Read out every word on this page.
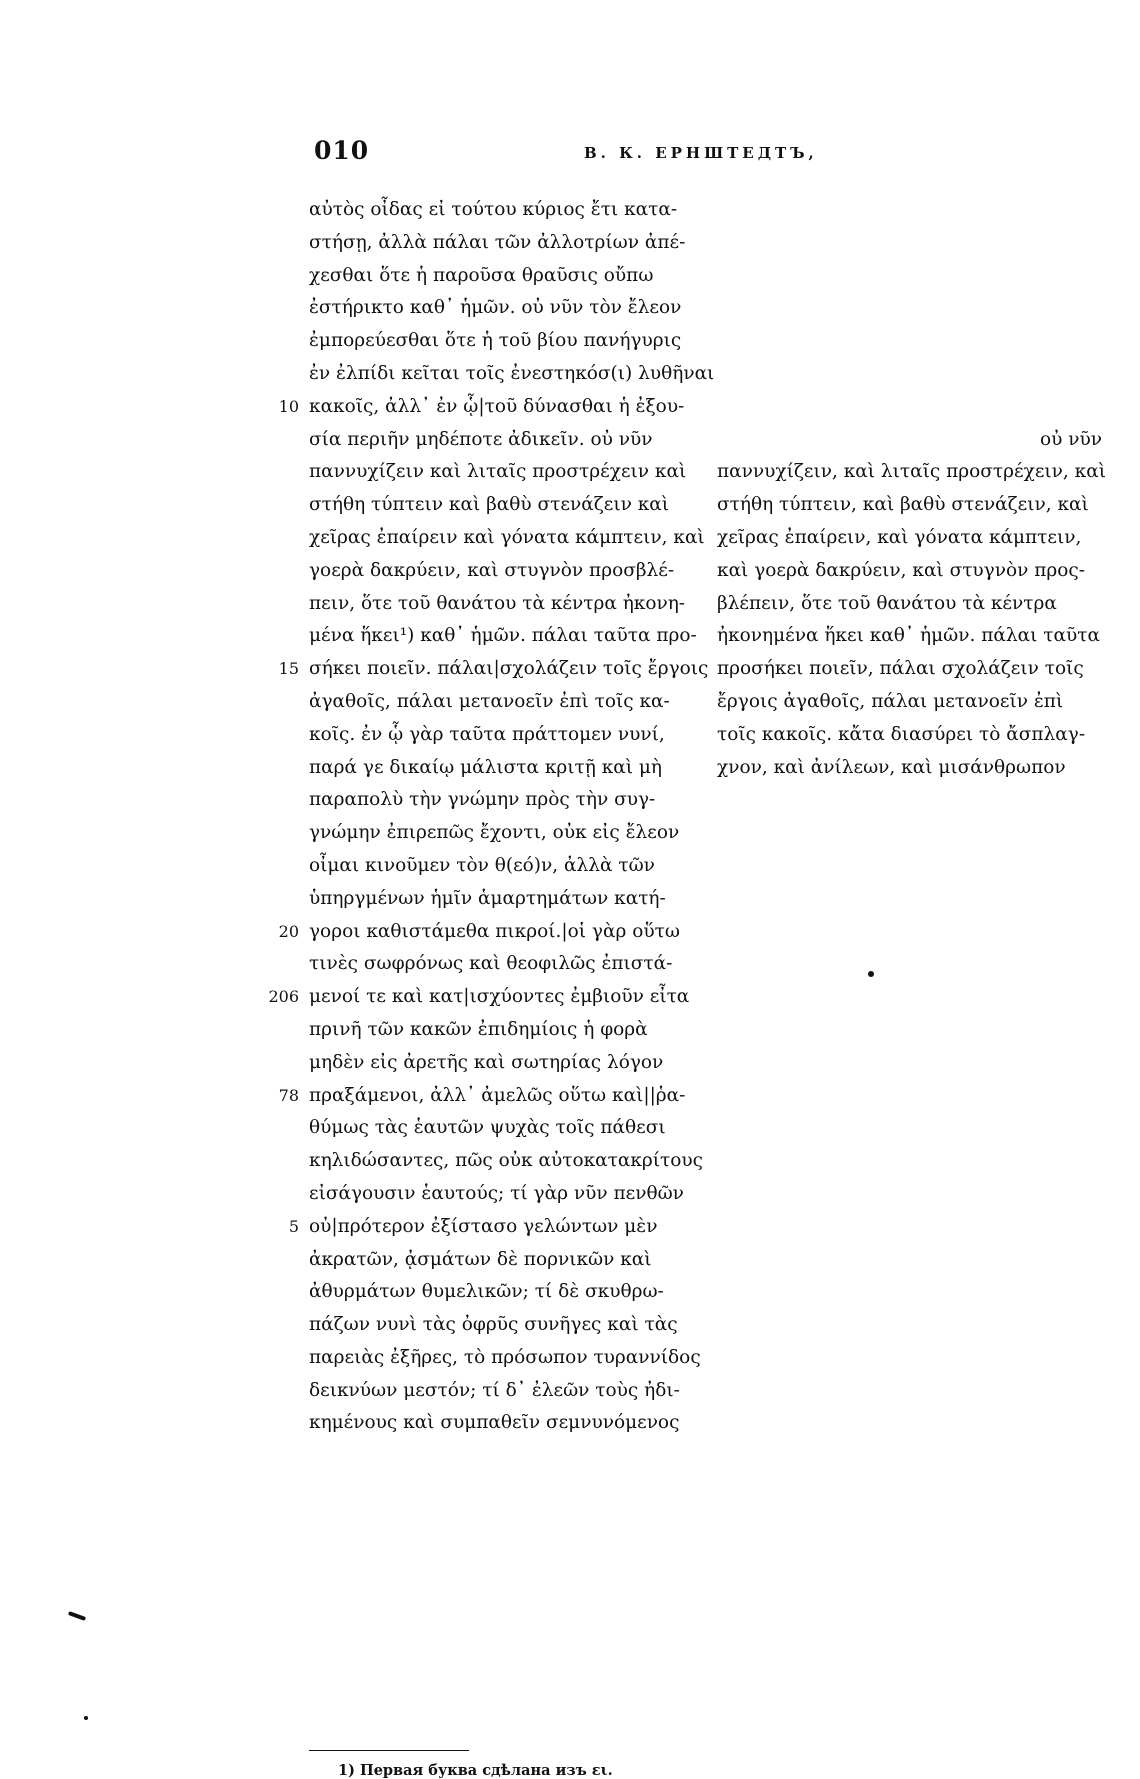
010	В. К. ЕРНШТЕДТЪ,
αὐτὸς οἶδας εἰ τούτου κύριος ἔτι κατα-
στήσῃ, ἀλλὰ πάλαι τῶν ἀλλοτρίων ἀπέ-
χεσθαι ὅτε ἡ παροῦσα θραῦσις οὔπω
ἐστήρικτο καθ᾽ ἡμῶν. οὐ νῦν τὸν ἔλεον
ἐμπορεύεσθαι ὅτε ἡ τοῦ βίου πανήγυρις
ἐν ἐλπίδι κεῖται τοῖς ἐνεστηκόσ(ι) λυθῆναι
10 κακοῖς, ἀλλ᾽ ἐν ᾧ|τοῦ δύνασθαι ἡ ἐξου-
σία περιῆν μηδέποτε ἀδικεῖν. οὐ νῦν
παννυχίζειν καὶ λιταῖς προστρέχειν καὶ
στήθη τύπτειν καὶ βαθὺ στενάζειν καὶ
χεῖρας ἐπαίρειν καὶ γόνατα κάμπτειν, καὶ
γοερὰ δακρύειν, καὶ στυγνὸν προσβλέ-
πειν, ὅτε τοῦ θανάτου τὰ κέντρα ἠκονη-
μένα ἥκει¹) καθ᾽ ἡμῶν. πάλαι ταῦτα προ-
15 σήκει ποιεῖν. πάλαι|σχολάζειν τοῖς ἔργοις
ἀγαθοῖς, πάλαι μετανοεῖν ἐπὶ τοῖς κα-
κοῖς. ἐν ᾧ γὰρ ταῦτα πράττομεν νυνί,
παρά γε δικαίῳ μάλιστα κριτῇ καὶ μὴ
παραπολὺ τὴν γνώμην πρὸς τὴν συγ-
γνώμην ἐπιρεπῶς ἔχοντι, οὐκ εἰς ἔλεον
οἶμαι κινοῦμεν τὸν θ(εό)ν, ἀλλὰ τῶν
ὑπηργμένων ἡμῖν ἁμαρτημάτων κατή-
20 γοροι καθιστάμεθα πικροί.|οἱ γὰρ οὕτω
τινὲς σωφρόνως καὶ θεοφιλῶς ἐπιστά-
206 μενοί τε καὶ κατ|ισχύοντες ἐμβιοῦν εἶτα
πρινῆ τῶν κακῶν ἐπιδημίοις ἡ φορὰ
μηδὲν εἰς ἀρετῆς καὶ σωτηρίας λόγον
78 πραξάμενοι, ἀλλ᾽ ἀμελῶς οὕτω καὶ||ῥα-
θύμως τὰς ἑαυτῶν ψυχὰς τοῖς πάθεσι
κηλιδώσαντες, πῶς οὐκ αὐτοκατακρίτους
εἰσάγουσιν ἑαυτούς; τί γὰρ νῦν πενθῶν
5 οὐ|πρότερον ἐξίστασο γελώντων μὲν
ἀκρατῶν, ᾀσμάτων δὲ πορνικῶν καὶ
ἀθυρμάτων θυμελικῶν; τί δὲ σκυθρω-
πάζων νυνὶ τὰς ὀφρῦς συνῆγες καὶ τὰς
παρειὰς ἐξῆρες, τὸ πρόσωπον τυραννίδος
δεικνύων μεστόν; τί δ᾽ ἐλεῶν τοὺς ἠδι-
κημένους καὶ συμπαθεῖν σεμνυνόμενος
οὐ νῦν
παννυχίζειν, καὶ λιταῖς προστρέχειν, καὶ
στήθη τύπτειν, καὶ βαθὺ στενάζειν, καὶ
χεῖρας ἐπαίρειν, καὶ γόνατα κάμπτειν,
καὶ γοερὰ δακρύειν, καὶ στυγνὸν προς-
βλέπειν, ὅτε τοῦ θανάτου τὰ κέντρα
ἠκονημένα ἥκει καθ᾽ ἡμῶν. πάλαι ταῦτα
προσήκει ποιεῖν, πάλαι σχολάζειν τοῖς
ἔργοις ἀγαθοῖς, πάλαι μετανοεῖν ἐπὶ
τοῖς κακοῖς. κἄτα διασύρει τὸ ἄσπλαγ-
χνον, καὶ ἀνίλεων, καὶ μισάνθρωπον
1) Первая буква сдѣлана изъ ει.
